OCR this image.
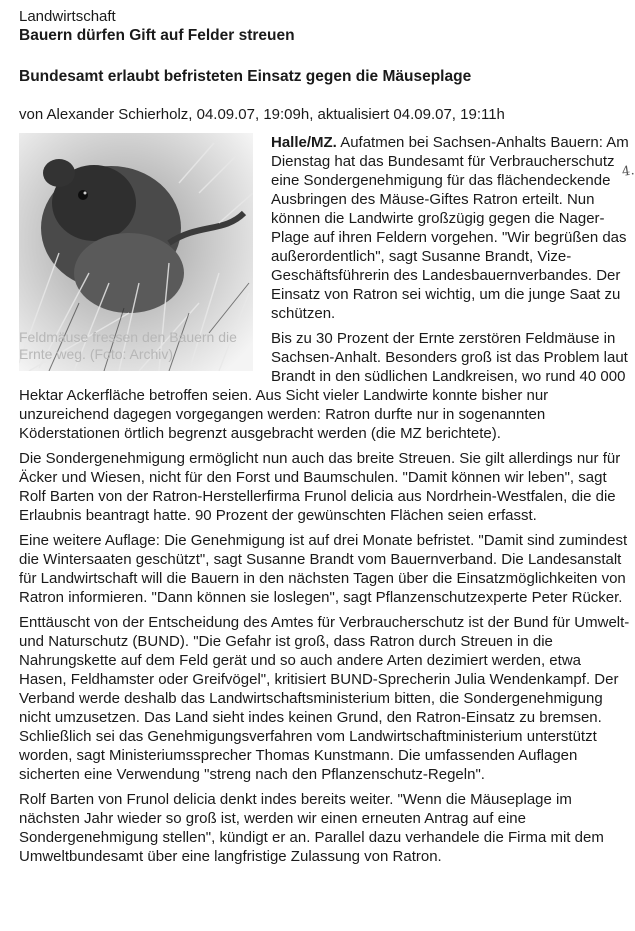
Landwirtschaft
Bauern dürfen Gift auf Felder streuen
Bundesamt erlaubt befristeten Einsatz gegen die Mäuseplage
von Alexander Schierholz, 04.09.07, 19:09h, aktualisiert 04.09.07, 19:11h
Feldmäuse fressen den Bauern die Ernte weg. (Foto: Archiv)

Halle/MZ. Aufatmen bei Sachsen-Anhalts Bauern: Am Dienstag hat das Bundesamt für Verbraucherschutz eine Sondergenehmigung für das flächendeckende Ausbringen des Mäuse-Giftes Ratron erteilt. Nun können die Landwirte großzügig gegen die Nager-Plage auf ihren Feldern vorgehen. "Wir begrüßen das außerordentlich", sagt Susanne Brandt, Vize-Geschäftsführerin des Landesbauernverbandes. Der Einsatz von Ratron sei wichtig, um die junge Saat zu schützen.

Bis zu 30 Prozent der Ernte zerstören Feldmäuse in Sachsen-Anhalt. Besonders groß ist das Problem laut Brandt in den südlichen Landkreisen, wo rund 40 000 Hektar Ackerfläche betroffen seien. Aus Sicht vieler Landwirte konnte bisher nur unzureichend dagegen vorgegangen werden: Ratron durfte nur in sogenannten Köderstationen örtlich begrenzt ausgebracht werden (die MZ berichtete).

Die Sondergenehmigung ermöglicht nun auch das breite Streuen. Sie gilt allerdings nur für Äcker und Wiesen, nicht für den Forst und Baumschulen. "Damit können wir leben", sagt Rolf Barten von der Ratron-Herstellerfirma Frunol delicia aus Nordrhein-Westfalen, die die Erlaubnis beantragt hatte. 90 Prozent der gewünschten Flächen seien erfasst.

Eine weitere Auflage: Die Genehmigung ist auf drei Monate befristet. "Damit sind zumindest die Wintersaaten geschützt", sagt Susanne Brandt vom Bauernverband. Die Landesanstalt für Landwirtschaft will die Bauern in den nächsten Tagen über die Einsatzmöglichkeiten von Ratron informieren. "Dann können sie loslegen", sagt Pflanzenschutzexperte Peter Rücker.

Enttäuscht von der Entscheidung des Amtes für Verbraucherschutz ist der Bund für Umwelt- und Naturschutz (BUND). "Die Gefahr ist groß, dass Ratron durch Streuen in die Nahrungskette auf dem Feld gerät und so auch andere Arten dezimiert werden, etwa Hasen, Feldhamster oder Greifvögel", kritisiert BUND-Sprecherin Julia Wendenkampf. Der Verband werde deshalb das Landwirtschaftsministerium bitten, die Sondergenehmigung nicht umzusetzen. Das Land sieht indes keinen Grund, den Ratron-Einsatz zu bremsen. Schließlich sei das Genehmigungsverfahren vom Landwirtschaftministerium unterstützt worden, sagt Ministeriumssprecher Thomas Kunstmann. Die umfassenden Auflagen sicherten eine Verwendung "streng nach den Pflanzenschutz-Regeln".

Rolf Barten von Frunol delicia denkt indes bereits weiter. "Wenn die Mäuseplage im nächsten Jahr wieder so groß ist, werden wir einen erneuten Antrag auf eine Sondergenehmigung stellen", kündigt er an. Parallel dazu verhandele die Firma mit dem Umweltbundesamt über eine langfristige Zulassung von Ratron.

4.
